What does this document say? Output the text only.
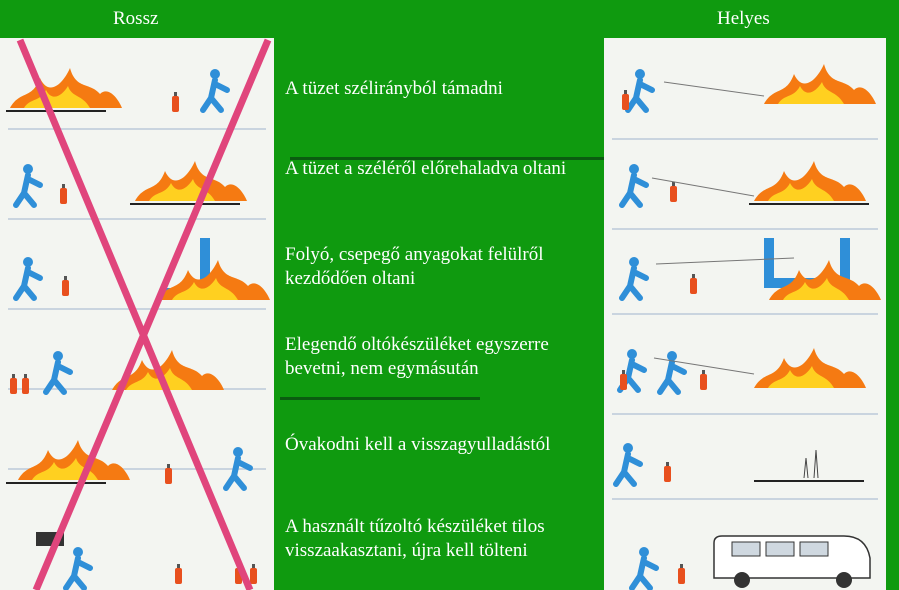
Rossz	Helyes
A tüzet szélirányból támadni
A tüzet a széléről előrehaladva oltani
Folyó, csepegő anyagokat felülről kezdődően oltani
Elegendő oltókészüléket egyszerre bevetni, nem egymásután
Óvakodni kell a visszagyulladástól
A használt tűzoltó készüléket tilos visszaakasztani, újra kell tölteni
